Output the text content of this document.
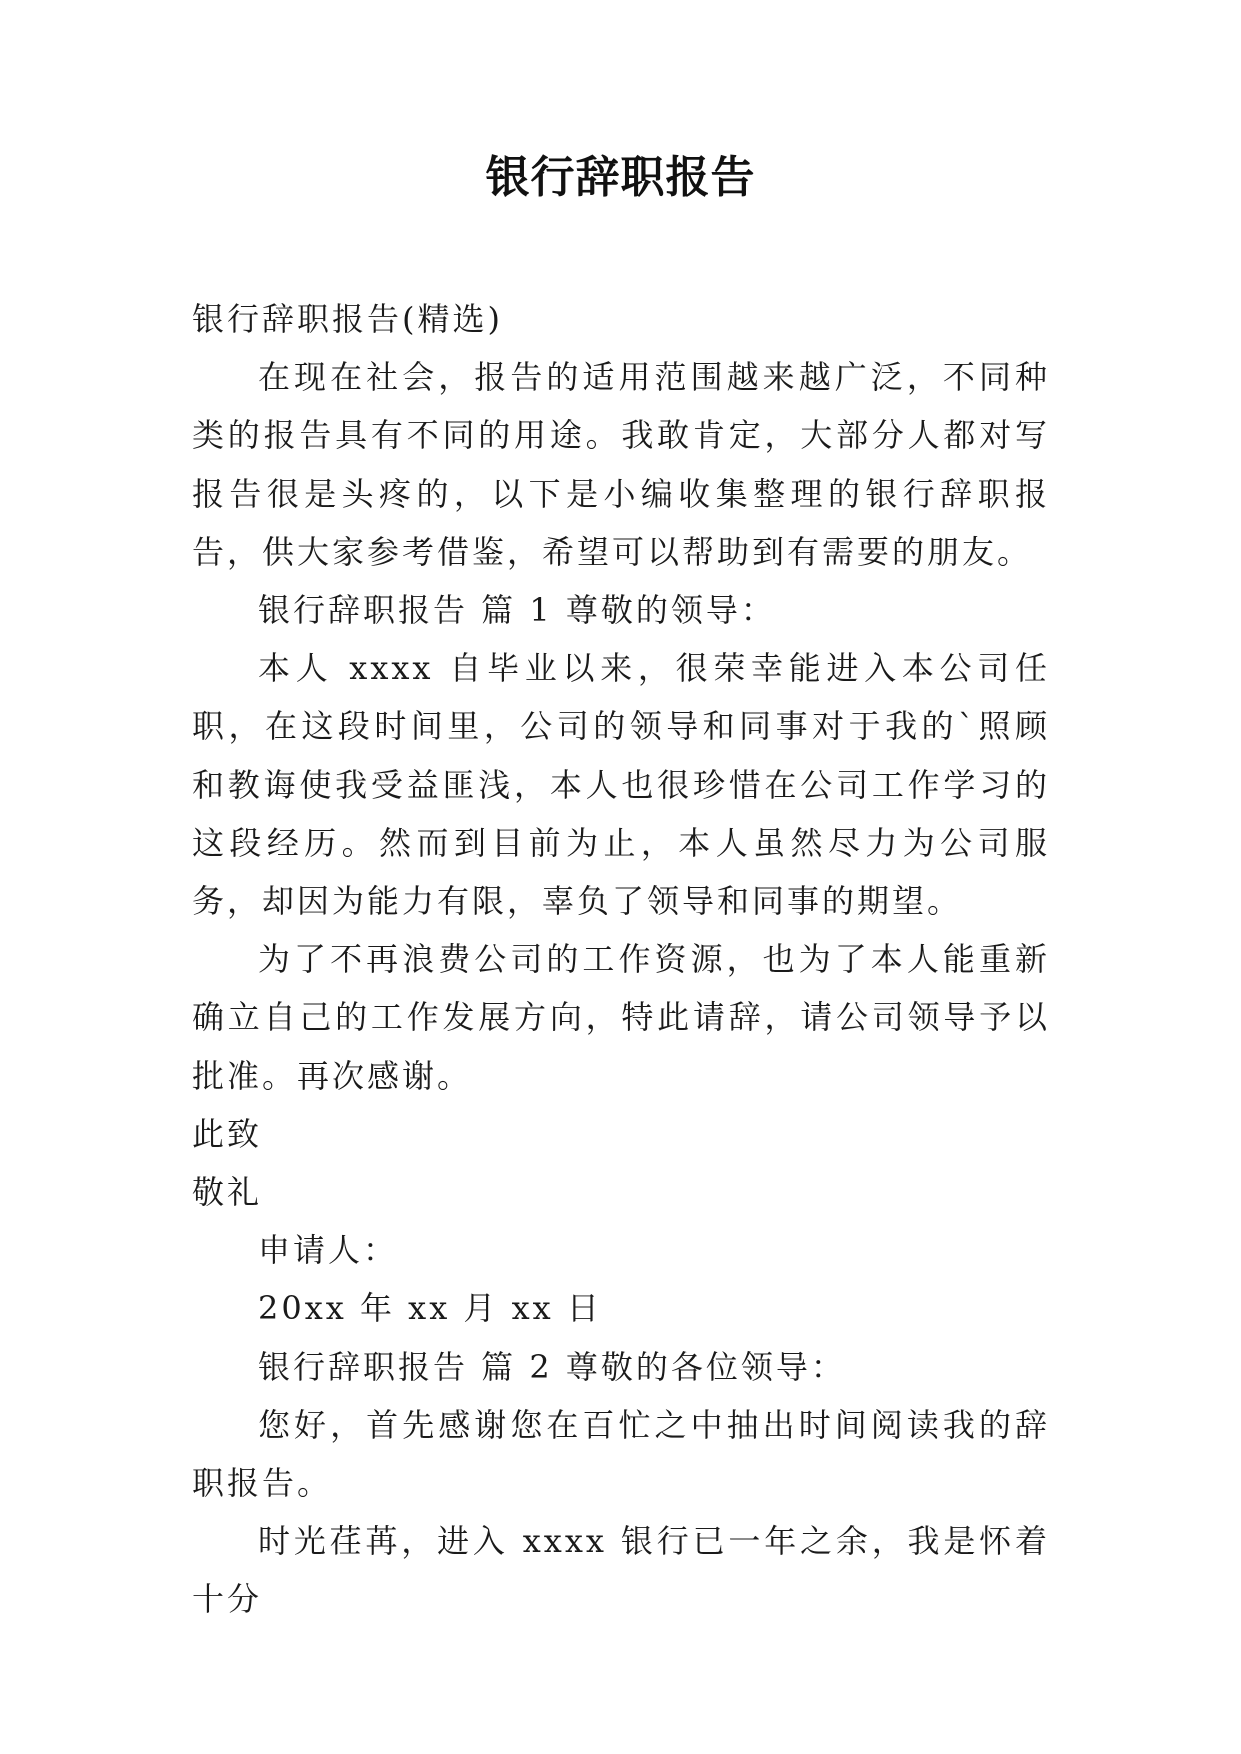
银行辞职报告

银行辞职报告(精选)

在现在社会，报告的适用范围越来越广泛，不同种类的报告具有不同的用途。我敢肯定，大部分人都对写报告很是头疼的，以下是小编收集整理的银行辞职报告，供大家参考借鉴，希望可以帮助到有需要的朋友。

银行辞职报告 篇 1 尊敬的领导：

本人 xxxx 自毕业以来，很荣幸能进入本公司任职，在这段时间里，公司的领导和同事对于我的`照顾和教诲使我受益匪浅，本人也很珍惜在公司工作学习的这段经历。然而到目前为止，本人虽然尽力为公司服务，却因为能力有限，辜负了领导和同事的期望。

为了不再浪费公司的工作资源，也为了本人能重新确立自己的工作发展方向，特此请辞，请公司领导予以批准。再次感谢。

此致

敬礼

申请人：

20xx 年 xx 月 xx 日

银行辞职报告 篇 2 尊敬的各位领导：

您好，首先感谢您在百忙之中抽出时间阅读我的辞职报告。

时光荏苒，进入 xxxx 银行已一年之余，我是怀着十分
